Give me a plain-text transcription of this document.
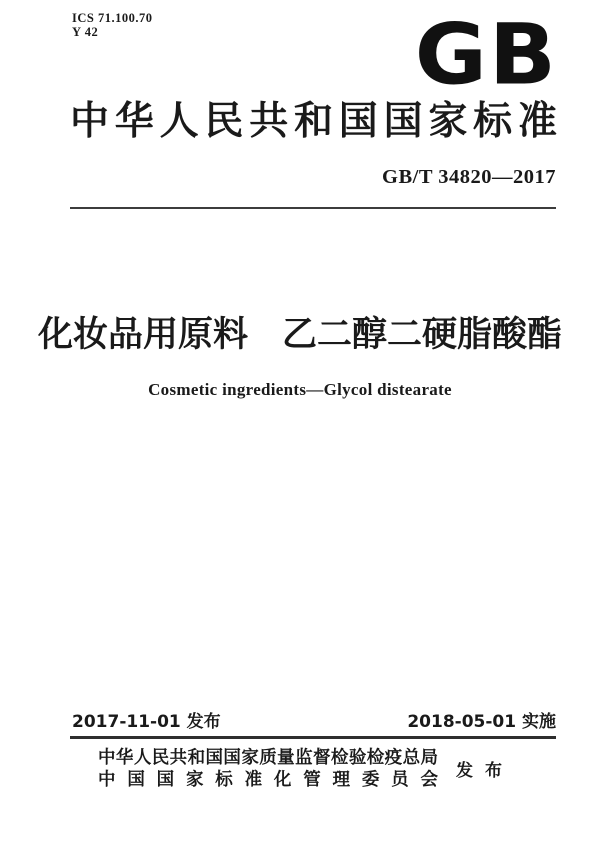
ICS 71.100.70
Y 42	GB
中华人民共和国国家标准
GB/T 34820—2017
化妆品用原料 乙二醇二硬脂酸酯
Cosmetic ingredients—Glycol distearate
2017-11-01 发布	2018-05-01 实施
中华人民共和国国家质量监督检验检疫总局
中国国家标准化管理委员会 发布
